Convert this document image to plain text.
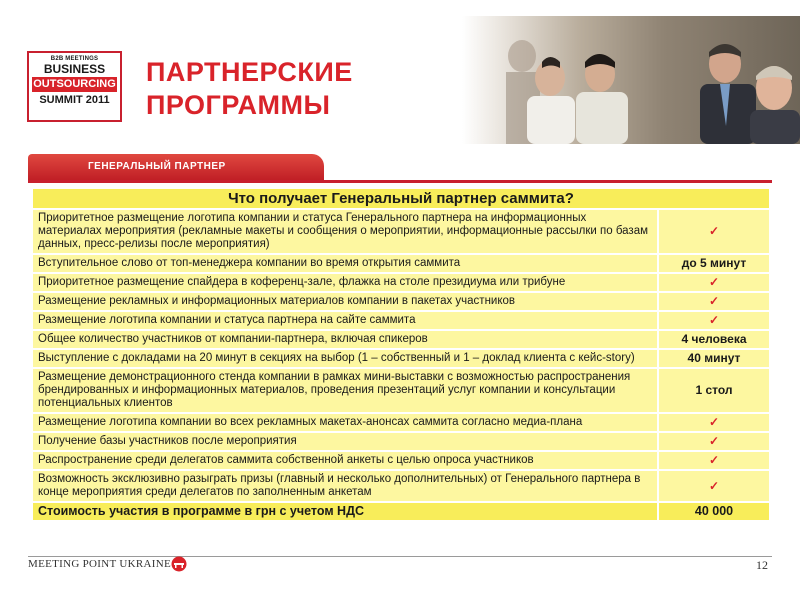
B2B MEETINGS
BUSINESS
OUTSOURCING
SUMMIT 2011
ПАРТНЕРСКИЕ
ПРОГРАММЫ
ГЕНЕРАЛЬНЫЙ ПАРТНЕР
Что получает Генеральный партнер саммита?	
Приоритетное размещение логотипа компании и статуса Генерального партнера на информационных материалах мероприятия (рекламные макеты и сообщения о мероприятии, информационные рассылки по базам данных, пресс-релизы после мероприятия)	✓
Вступительное слово от топ-менеджера компании во время открытия саммита	до 5 минут
Приоритетное размещение спайдера в коференц-зале, флажка на столе президиума или трибуне	✓
Размещение рекламных и информационных материалов компании в пакетах участников	✓
Размещение логотипа компании и статуса партнера на сайте саммита	✓
Общее количество участников от компании-партнера, включая спикеров	4 человека
Выступление с докладами на 20 минут в секциях на выбор (1 – собственный и 1 – доклад клиента с кейс-story)	40 минут
Размещение демонстрационного стенда компании в рамках мини-выставки с возможностью распространения брендированных и информационных материалов, проведения презентаций услуг компании и консультации потенциальных клиентов	1 стол
Размещение логотипа компании во всех рекламных макетах-анонсах саммита согласно медиа-плана	✓
Получение базы участников после мероприятия	✓
Распространение среди делегатов саммита собственной анкеты с целью опроса участников	✓
Возможность эксклюзивно разыграть призы (главный и несколько дополнительных) от Генерального партнера в конце мероприятия среди делегатов по заполненным анкетам	✓
Стоимость участия в программе в грн с учетом НДС	40 000
MEETING POINT UKRAINE	12
